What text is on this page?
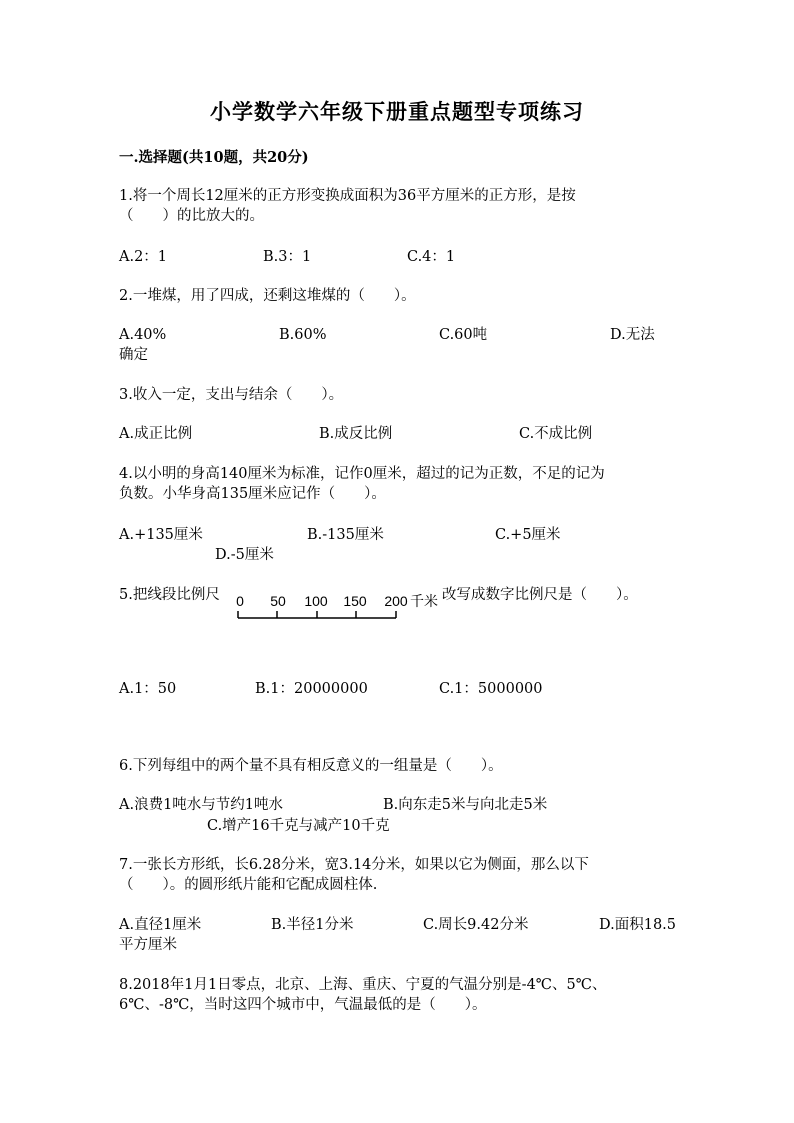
小学数学六年级下册重点题型专项练习
一.选择题(共10题，共20分)
1.将一个周长12厘米的正方形变换成面积为36平方厘米的正方形，是按
（　　）的比放大的。
A.2：1	B.3：1	C.4：1
2.一堆煤，用了四成，还剩这堆煤的（　　）。
A.40%	B.60%	C.60吨	D.无法
确定
3.收入一定，支出与结余（　　）。
A.成正比例	B.成反比例	C.不成比例
4.以小明的身高140厘米为标准，记作0厘米，超过的记为正数，不足的记为
负数。小华身高135厘米应记作（　　）。
A.+135厘米	B.-135厘米	C.+5厘米
D.-5厘米
5.把线段比例尺 0 50 100 150 200 千米 改写成数字比例尺是（　　）。
A.1：50	B.1：20000000	C.1：5000000
6.下列每组中的两个量不具有相反意义的一组量是（　　）。
A.浪费1吨水与节约1吨水	B.向东走5米与向北走5米
C.增产16千克与减产10千克
7.一张长方形纸，长6.28分米，宽3.14分米，如果以它为侧面，那么以下
（　　）。的圆形纸片能和它配成圆柱体.
A.直径1厘米	B.半径1分米	C.周长9.42分米	D.面积18.5
平方厘米
8.2018年1月1日零点，北京、上海、重庆、宁夏的气温分别是-4℃、5℃、
6℃、-8℃，当时这四个城市中，气温最低的是（　　）。
